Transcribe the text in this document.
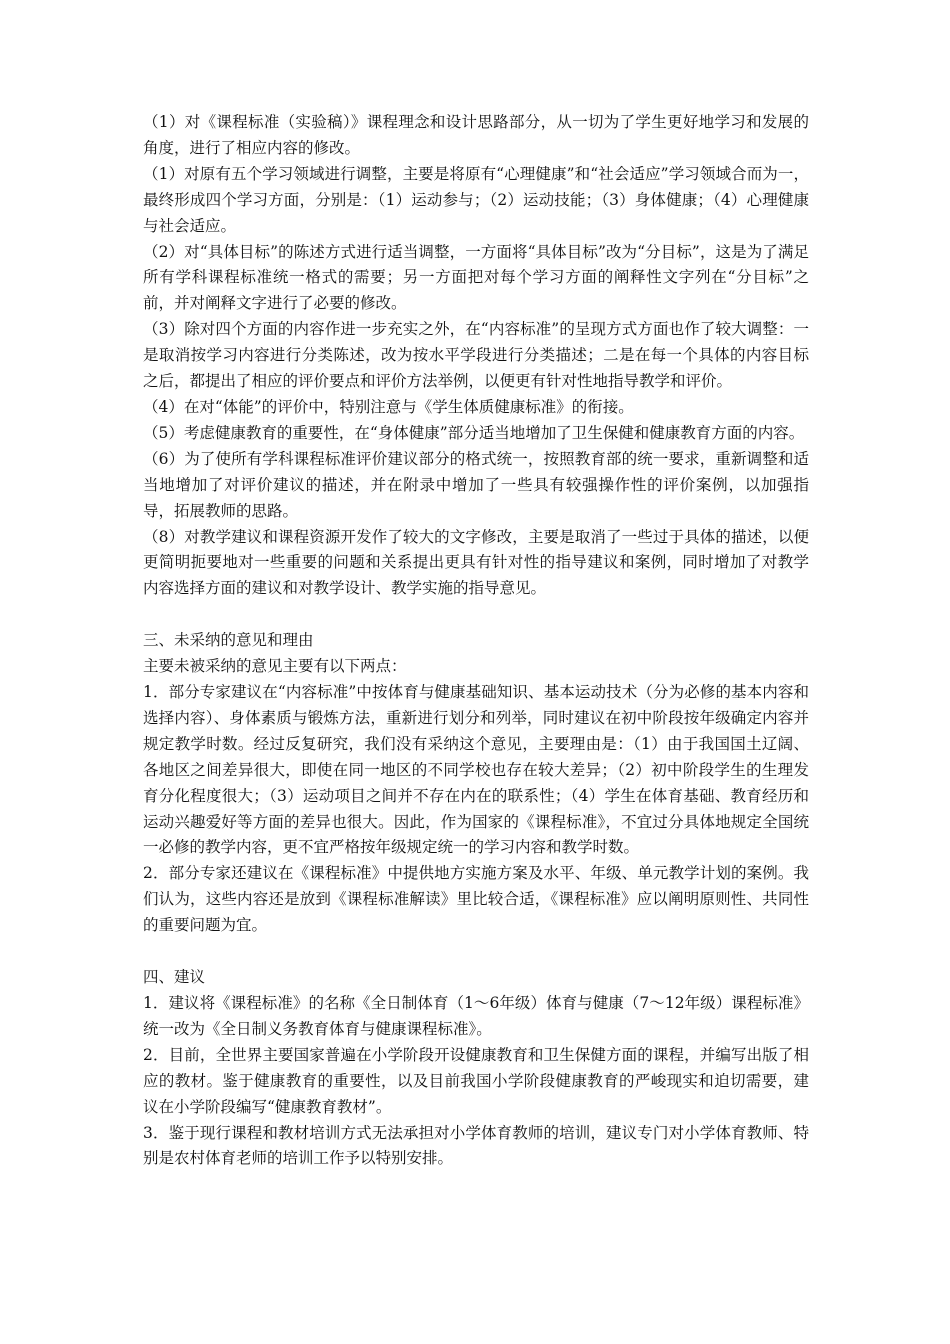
（1）对《课程标准（实验稿）》课程理念和设计思路部分，从一切为了学生更好地学习和发展的角度，进行了相应内容的修改。

（1）对原有五个学习领域进行调整，主要是将原有“心理健康”和“社会适应”学习领域合而为一，最终形成四个学习方面，分别是：（1）运动参与；（2）运动技能；（3）身体健康；（4）心理健康与社会适应。

（2）对“具体目标”的陈述方式进行适当调整，一方面将“具体目标”改为“分目标”，这是为了满足所有学科课程标准统一格式的需要；另一方面把对每个学习方面的阐释性文字列在“分目标”之前，并对阐释文字进行了必要的修改。

（3）除对四个方面的内容作进一步充实之外，在“内容标准”的呈现方式方面也作了较大调整：一是取消按学习内容进行分类陈述，改为按水平学段进行分类描述；二是在每一个具体的内容目标之后，都提出了相应的评价要点和评价方法举例，以便更有针对性地指导教学和评价。

（4）在对“体能”的评价中，特别注意与《学生体质健康标准》的衔接。

（5）考虑健康教育的重要性，在“身体健康”部分适当地增加了卫生保健和健康教育方面的内容。

（6）为了使所有学科课程标准评价建议部分的格式统一，按照教育部的统一要求，重新调整和适当地增加了对评价建议的描述，并在附录中增加了一些具有较强操作性的评价案例，以加强指导，拓展教师的思路。

（8）对教学建议和课程资源开发作了较大的文字修改，主要是取消了一些过于具体的描述，以便更简明扼要地对一些重要的问题和关系提出更具有针对性的指导建议和案例，同时增加了对教学内容选择方面的建议和对教学设计、教学实施的指导意见。

三、未采纳的意见和理由

主要未被采纳的意见主要有以下两点：

1．部分专家建议在“内容标准”中按体育与健康基础知识、基本运动技术（分为必修的基本内容和选择内容）、身体素质与锻炼方法，重新进行划分和列举，同时建议在初中阶段按年级确定内容并规定教学时数。经过反复研究，我们没有采纳这个意见，主要理由是：（1）由于我国国土辽阔、各地区之间差异很大，即使在同一地区的不同学校也存在较大差异；（2）初中阶段学生的生理发育分化程度很大；（3）运动项目之间并不存在内在的联系性；（4）学生在体育基础、教育经历和运动兴趣爱好等方面的差异也很大。因此，作为国家的《课程标准》，不宜过分具体地规定全国统一必修的教学内容，更不宜严格按年级规定统一的学习内容和教学时数。

2．部分专家还建议在《课程标准》中提供地方实施方案及水平、年级、单元教学计划的案例。我们认为，这些内容还是放到《课程标准解读》里比较合适，《课程标准》应以阐明原则性、共同性的重要问题为宜。

四、建议

1．建议将《课程标准》的名称《全日制体育（1～6年级）体育与健康（7～12年级）课程标准》统一改为《全日制义务教育体育与健康课程标准》。

2．目前，全世界主要国家普遍在小学阶段开设健康教育和卫生保健方面的课程，并编写出版了相应的教材。鉴于健康教育的重要性，以及目前我国小学阶段健康教育的严峻现实和迫切需要，建议在小学阶段编写“健康教育教材”。

3．鉴于现行课程和教材培训方式无法承担对小学体育教师的培训，建议专门对小学体育教师、特别是农村体育老师的培训工作予以特别安排。
